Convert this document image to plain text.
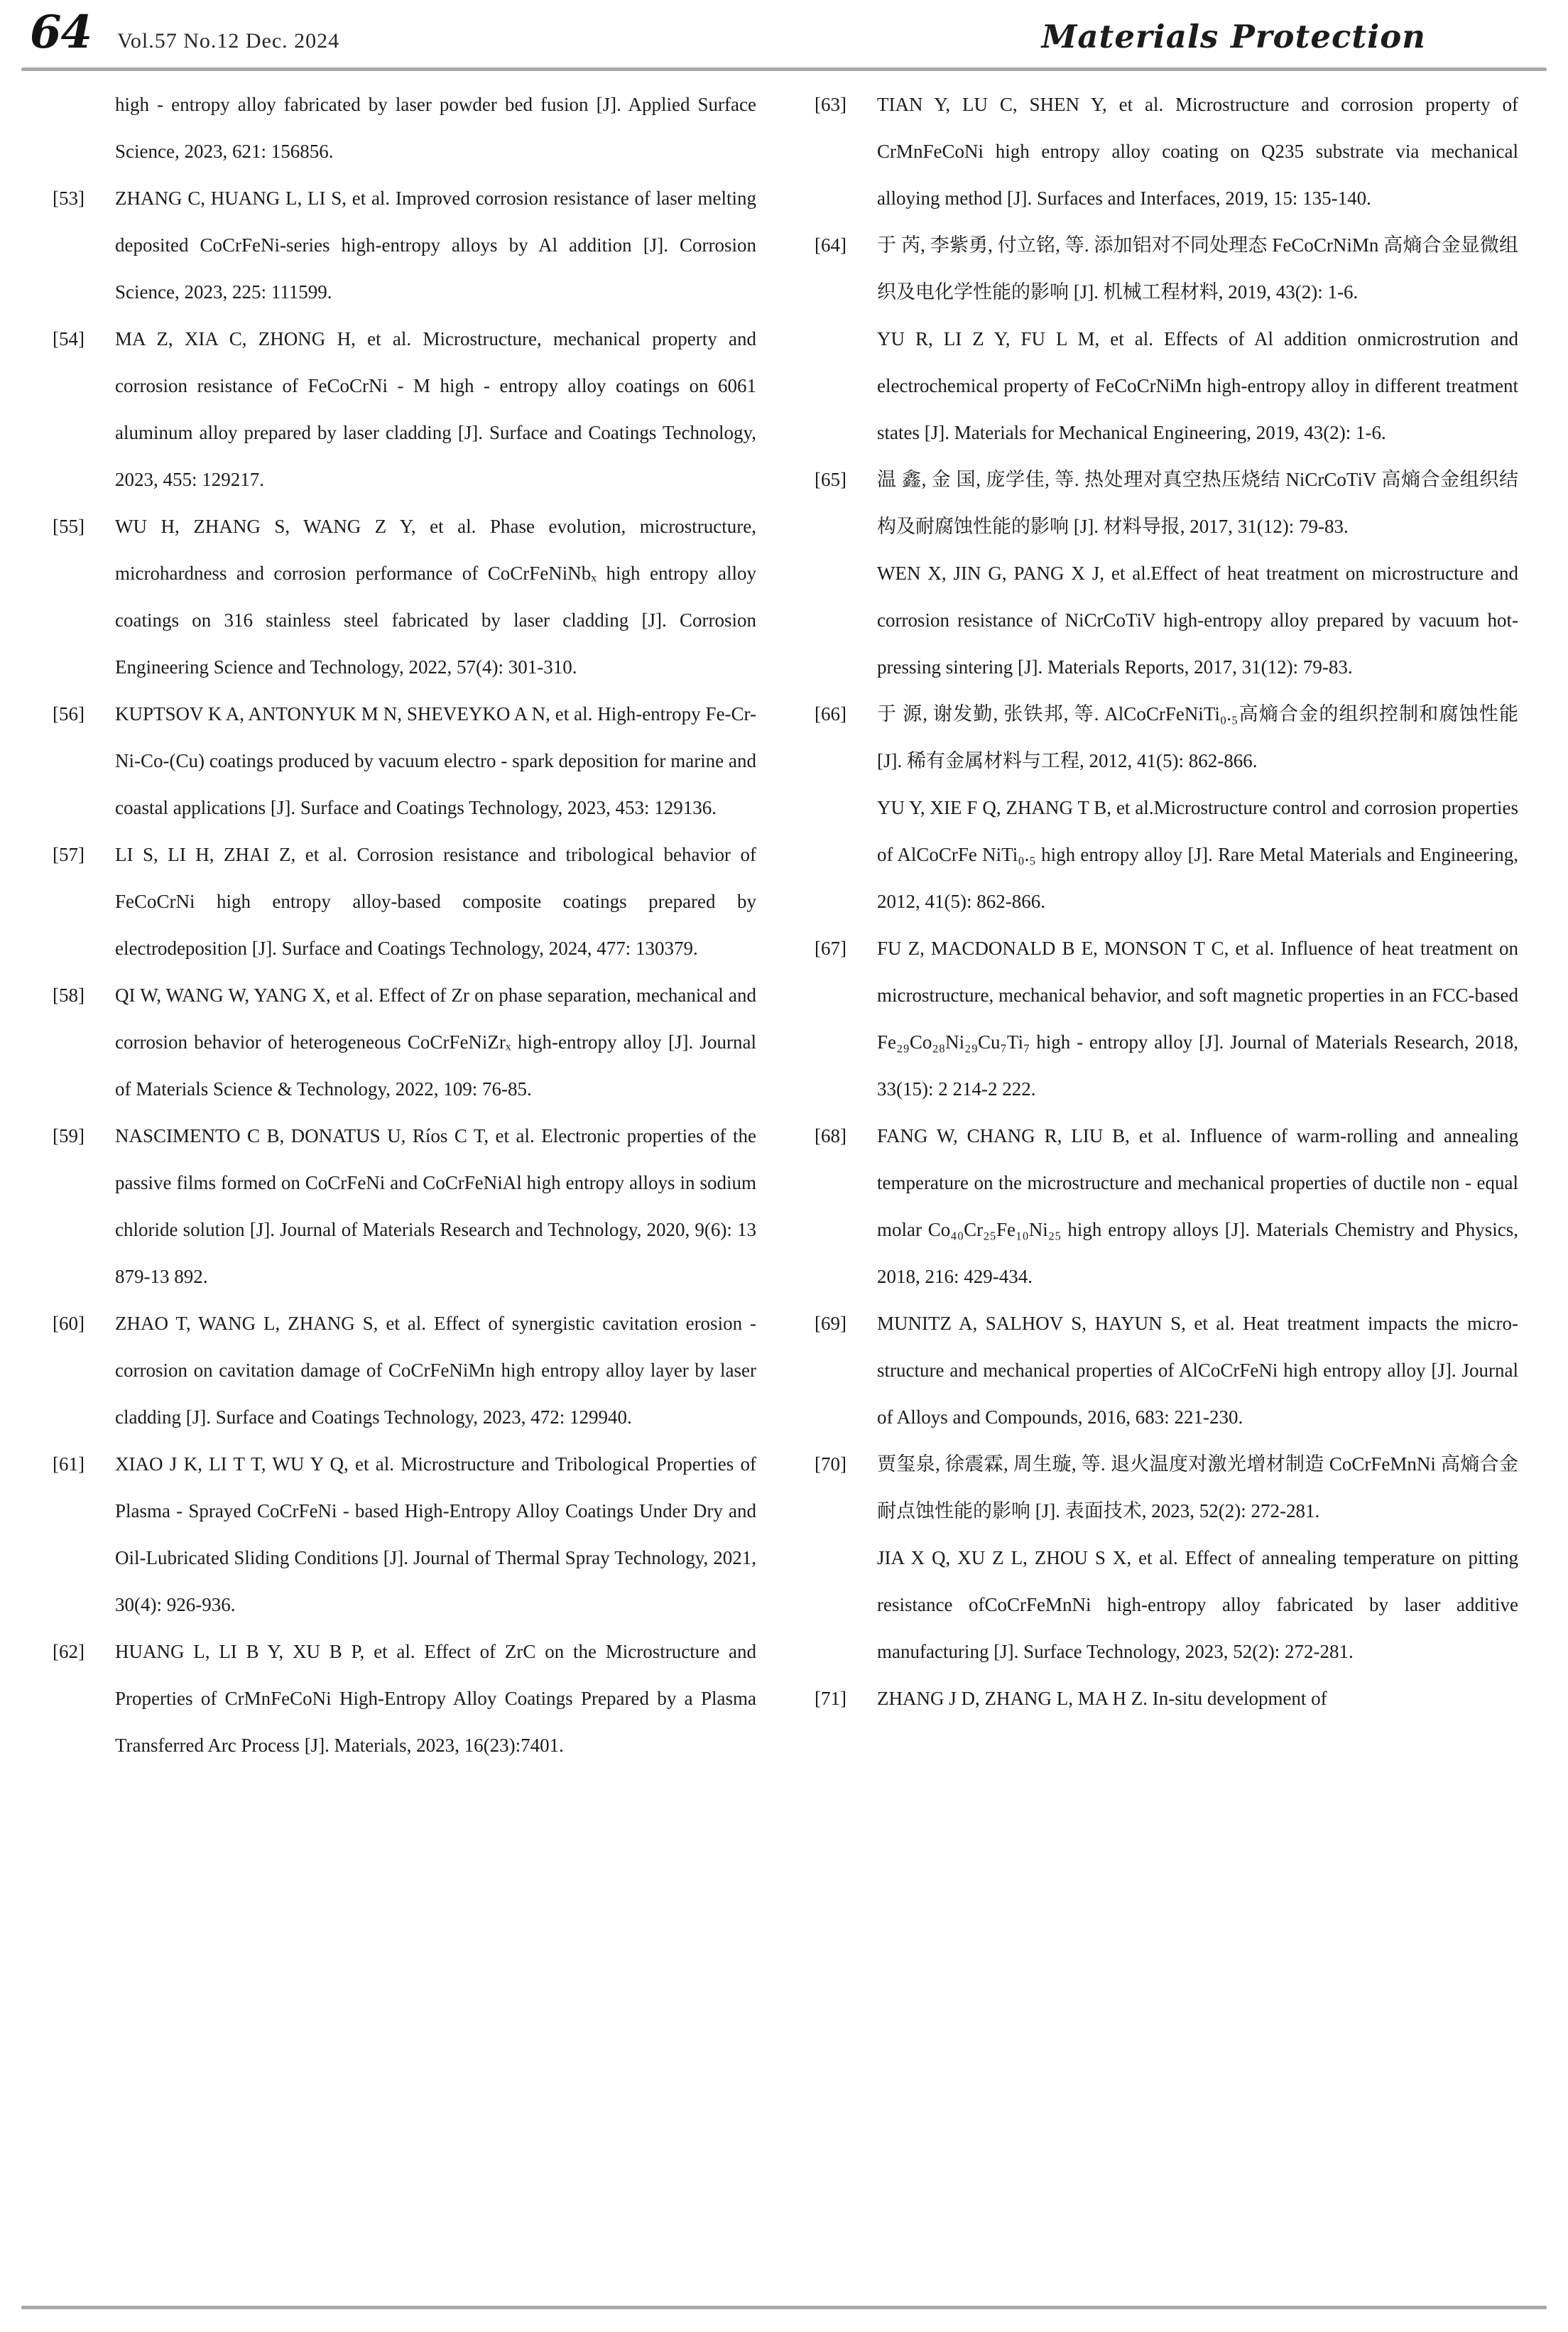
64 Vol.57 No.12 Dec. 2024	Materials Protection

high - entropy alloy fabricated by laser powder bed fusion [J]. Applied Surface Science, 2023, 621: 156856.

[53]	ZHANG C, HUANG L, LI S, et al. Improved corrosion resistance of laser melting deposited CoCrFeNi-series high-entropy alloys by Al addition [J]. Corrosion Science, 2023, 225: 111599.

[54]	MA Z, XIA C, ZHONG H, et al. Microstructure, mechanical property and corrosion resistance of FeCoCrNi - M high - entropy alloy coatings on 6061 aluminum alloy prepared by laser cladding [J]. Surface and Coatings Technology, 2023, 455: 129217.

[55]	WU H, ZHANG S, WANG Z Y, et al. Phase evolution, microstructure, microhardness and corrosion performance of CoCrFeNiNbₓ high entropy alloy coatings on 316 stainless steel fabricated by laser cladding [J]. Corrosion Engineering Science and Technology, 2022, 57(4): 301-310.

[56]	KUPTSOV K A, ANTONYUK M N, SHEVEYKO A N, et al. High-entropy Fe-Cr-Ni-Co-(Cu) coatings produced by vacuum electro - spark deposition for marine and coastal applications [J]. Surface and Coatings Technology, 2023, 453: 129136.

[57]	LI S, LI H, ZHAI Z, et al. Corrosion resistance and tribological behavior of FeCoCrNi high entropy alloy-based composite coatings prepared by electrodeposition [J]. Surface and Coatings Technology, 2024, 477: 130379.

[58]	QI W, WANG W, YANG X, et al. Effect of Zr on phase separation, mechanical and corrosion behavior of heterogeneous CoCrFeNiZrₓ high-entropy alloy [J]. Journal of Materials Science & Technology, 2022, 109: 76-85.

[59]	NASCIMENTO C B, DONATUS U, Ríos C T, et al. Electronic properties of the passive films formed on CoCrFeNi and CoCrFeNiAl high entropy alloys in sodium chloride solution [J]. Journal of Materials Research and Technology, 2020, 9(6): 13 879-13 892.

[60]	ZHAO T, WANG L, ZHANG S, et al. Effect of synergistic cavitation erosion - corrosion on cavitation damage of CoCrFeNiMn high entropy alloy layer by laser cladding [J]. Surface and Coatings Technology, 2023, 472: 129940.

[61]	XIAO J K, LI T T, WU Y Q, et al. Microstructure and Tribological Properties of Plasma - Sprayed CoCrFeNi - based High-Entropy Alloy Coatings Under Dry and Oil-Lubricated Sliding Conditions [J]. Journal of Thermal Spray Technology, 2021, 30(4): 926-936.

[62]	HUANG L, LI B Y, XU B P, et al. Effect of ZrC on the Microstructure and Properties of CrMnFeCoNi High-Entropy Alloy Coatings Prepared by a Plasma Transferred Arc Process [J]. Materials, 2023, 16(23):7401.

[63]	TIAN Y, LU C, SHEN Y, et al. Microstructure and corrosion property of CrMnFeCoNi high entropy alloy coating on Q235 substrate via mechanical alloying method [J]. Surfaces and Interfaces, 2019, 15: 135-140.

[64]	于 芮, 李紫勇, 付立铭, 等. 添加铝对不同处理态 FeCoCrNiMn 高熵合金显微组织及电化学性能的影响 [J]. 机械工程材料, 2019, 43(2): 1-6.

YU R, LI Z Y, FU L M, et al. Effects of Al addition onmicrostrution and electrochemical property of FeCoCrNiMn high-entropy alloy in different treatment states [J]. Materials for Mechanical Engineering, 2019, 43(2): 1-6.

[65]	温 鑫, 金 国, 庞学佳, 等. 热处理对真空热压烧结 NiCrCoTiV 高熵合金组织结构及耐腐蚀性能的影响 [J]. 材料导报, 2017, 31(12): 79-83.

WEN X, JIN G, PANG X J, et al.Effect of heat treatment on microstructure and corrosion resistance of NiCrCoTiV high-entropy alloy prepared by vacuum hot-pressing sintering [J]. Materials Reports, 2017, 31(12): 79-83.

[66]	于 源, 谢发勤, 张铁邦, 等. AlCoCrFeNiTi₀.₅高熵合金的组织控制和腐蚀性能 [J]. 稀有金属材料与工程, 2012, 41(5): 862-866.

YU Y, XIE F Q, ZHANG T B, et al.Microstructure control and corrosion properties of AlCoCrFe NiTi₀.₅ high entropy alloy [J]. Rare Metal Materials and Engineering, 2012, 41(5): 862-866.

[67]	FU Z, MACDONALD B E, MONSON T C, et al. Influence of heat treatment on microstructure, mechanical behavior, and soft magnetic properties in an FCC-based Fe₂₉Co₂₈Ni₂₉Cu₇Ti₇ high - entropy alloy [J]. Journal of Materials Research, 2018, 33(15): 2 214-2 222.

[68]	FANG W, CHANG R, LIU B, et al. Influence of warm-rolling and annealing temperature on the microstructure and mechanical properties of ductile non - equal molar Co₄₀Cr₂₅Fe₁₀Ni₂₅ high entropy alloys [J]. Materials Chemistry and Physics, 2018, 216: 429-434.

[69]	MUNITZ A, SALHOV S, HAYUN S, et al. Heat treatment impacts the micro-structure and mechanical properties of AlCoCrFeNi high entropy alloy [J]. Journal of Alloys and Compounds, 2016, 683: 221-230.

[70]	贾玺泉, 徐震霖, 周生璇, 等. 退火温度对激光增材制造 CoCrFeMnNi 高熵合金耐点蚀性能的影响 [J]. 表面技术, 2023, 52(2): 272-281.

JIA X Q, XU Z L, ZHOU S X, et al. Effect of annealing temperature on pitting resistance ofCoCrFeMnNi high-entropy alloy fabricated by laser additive manufacturing [J]. Surface Technology, 2023, 52(2): 272-281.

[71]	ZHANG J D, ZHANG L, MA H Z. In-situ development of
